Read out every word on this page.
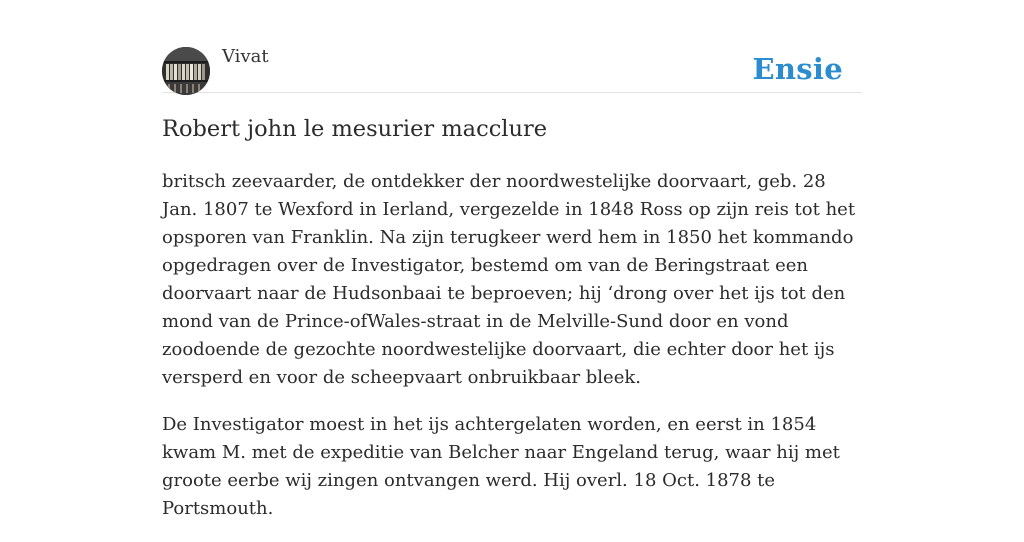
Vivat	Ensie
Robert john le mesurier macclure

britsch zeevaarder, de ontdekker der noordwestelijke doorvaart, geb. 28 Jan. 1807 te Wexford in Ierland, vergezelde in 1848 Ross op zijn reis tot het opsporen van Franklin. Na zijn terugkeer werd hem in 1850 het kommando opgedragen over de Investigator, bestemd om van de Beringstraat een doorvaart naar de Hudsonbaai te beproeven; hij ‘drong over het ijs tot den mond van de Prince-ofWales-straat in de Melville-Sund door en vond zoodoende de gezochte noordwestelijke doorvaart, die echter door het ijs versperd en voor de scheepvaart onbruikbaar bleek.

De Investigator moest in het ijs achtergelaten worden, en eerst in 1854 kwam M. met de expeditie van Belcher naar Engeland terug, waar hij met groote eerbe wij zingen ontvangen werd. Hij overl. 18 Oct. 1878 te Portsmouth.
